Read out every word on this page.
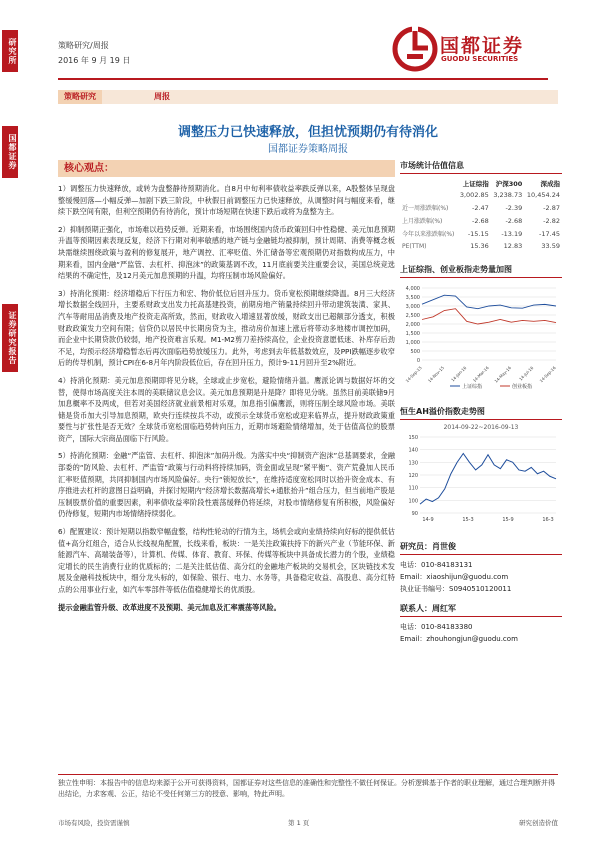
研究所
国都证券
证券研究报告
策略研究/周报
2016 年 9 月 19 日
国都证券
GUODU SECURITIES
策略研究	周报
调整压力已快速释放，但担忧预期仍有待消化
国都证券策略周报
核心观点：

1）调整压力快速释放，或转为盘整静待预期消化。自8月中旬利率债收益率跌反弹以来，A股整体呈现盘整缓慢回落—小幅反弹—加剧下跌三阶段，中秋假日前调整压力已快速释放，从调整时间与幅度来看，继续下跌空间有限，但利空预期仍有待消化，预计市场短期在快速下跌后或将为盘整为主。

2）抑制预期正强化，市场难以趋势反弹。近期来看，市场围绕国内货币政策回归中性稳健、美元加息预期升温等预期因素表现反复，经济下行期对利率敏感的地产链与金融链均被抑制，预计周期、消费等概念板块需继续围绕政策与盈利的修复展开，地产调控、汇率贬值、外汇储备等宏观预期仍对指数构成压力，中期来看，国内金融“严监管、去杠杆、抑泡沫”的政策基调不改，11月底前要关注重要会议，美国总统竞选结果的不确定性，及12月美元加息预期的升温，均将压制市场风险偏好。

3）持消化预期：经济增稳后下行压力和宏、物价低位后回升压力。货币宽松预期继续降温。8月三大经济增长数据全线回升，主要系财政支出发力托高基建投资，前期房地产销量持续回升带动建筑装潢、家具、汽车等耐用品消费及地产投资走高所致，然而，财政收入增速显著放缓，财政支出已超额部分透支，积极财政政策发力空间有限；信贷仍以居民中长期房贷为主，推动房价加速上涨后将带动多地楼市调控加码，而企业中长期贷款仍较弱，地产投资难言乐观。M1-M2剪刀差持续高位，企业投资意愿低迷、补库存后劲不足，均预示经济增稳暂态后再次面临趋势放缓压力。此外，考虑到去年低基数效应，及PPI跌幅逐步收窄后的传导机制，预计CPI在6-8月年内阶段低位后，存在回升压力，预计9-11月回升至2%附近。

4）持消化预期：美元加息预期即将见分晓，全球或止步宽松，避险情绪升温。鹰派论调与数据好坏的交替，使得市场高度关注本周的美联储议息会议。美元加息预期是升是降？即将见分晓。虽然目前美联储9月加息概率不及两成，但若对美国经济就业前景相对乐观，加息指引偏鹰派，则将压制全球风险市场。美联储是货币加大引导加息预期，欧央行连续按兵不动，或预示全球货币宽松或迎来临界点，提升财政政策重要性与扩张性是否无效？全球货币宽松面临趋势转向压力，近期市场避险情绪增加，处于估值高位的股票资产，国际大宗商品面临下行风险。

5）持消化预期：金融“严监管、去杠杆、抑泡沫”加码升级。为落实中央“抑制资产泡沫”总基调要求，金融部委的“防风险、去杠杆、严监管”政策与行动料将持续加码，资金面或呈现“紧平衡”、资产荒叠加人民币汇率贬值预期，共同抑制国内市场风险偏好。央行“锁短放长”，在维持适度宽松同时以抬升资金成本、有序推进去杠杆的意图日益明确，并探讨短期内“经济增长数据高增长+通胀抬升”组合压力，但当前地产股是压制股票价值的重要因素，利率债收益率阶段性震荡缓释仍将延续，对股市情绪修复有所积极，风险偏好仍待修复，短期内市场情绪持续弱化。

6）配置建议：预计短期以指数窄幅盘整，结构性轮动的行情为主，场机会或向业绩持续向好标的提供低估值+高分红组合，适合从长线视角配置，长线来看，板块：一是关注政策扶持下的新兴产业（节能环保、新能源汽车、高端装备等），计算机、传媒、体育、教育、环保、传媒等板块中具备成长潜力的个股，业绩稳定增长的民生消费行业的优质标的；二是关注低估值、高分红的金融地产板块的交易机会，区块链技术发展及金融科技板块中，细分龙头标的，如保险、银行、电力、水务等，具备稳定收益、高股息、高分红特点的公用事业行业，如汽车零部件等低估值稳健增长的优质股。

提示金融监管升级、改革进度不及预期、美元加息及汇率震荡等风险。

市场统计估值信息
	上证综指	沪深300	深成指
	3,002.85	3,238.73	10,454.24
近一周涨跌幅(%)	-2.47	-2.39	-2.87
上月涨跌幅(%)	-2.68	-2.68	-2.82
今年以来涨跌幅(%)	-15.15	-13.19	-17.45
PE(TTM)	15.36	12.83	33.59
上证综指、创业板指走势量加图
0
500
1,000
1,500
2,000
2,500
3,000
3,500
4,000
14-Sep-15 14-Nov-15 14-Jan-16 14-Mar-16 14-May-16 14-Jul-16 14-Sep-16
上证综指	创业板指
恒生AH溢价指数走势图
2014-09-22~2016-09-13
90
100
110
120
130
140
150
14-9	15-3	15-9	16-3
研究员：肖世俊
电话：010-84183131
Email：xiaoshijun@guodu.com
执业证书编号：S0940510120011
联系人：周红军
电话：010-84183380
Email：zhouhongjun@guodu.com
独立性申明：本报告中的信息均来源于公开可获得资料，国都证券对这些信息的准确性和完整性不做任何保证。分析逻辑基于作者的职业理解，通过合理判断并得出结论，力求客观、公正，结论不受任何第三方的授意、影响，特此声明。
市场有风险，投资需谨慎	第 1 页	研究创造价值
